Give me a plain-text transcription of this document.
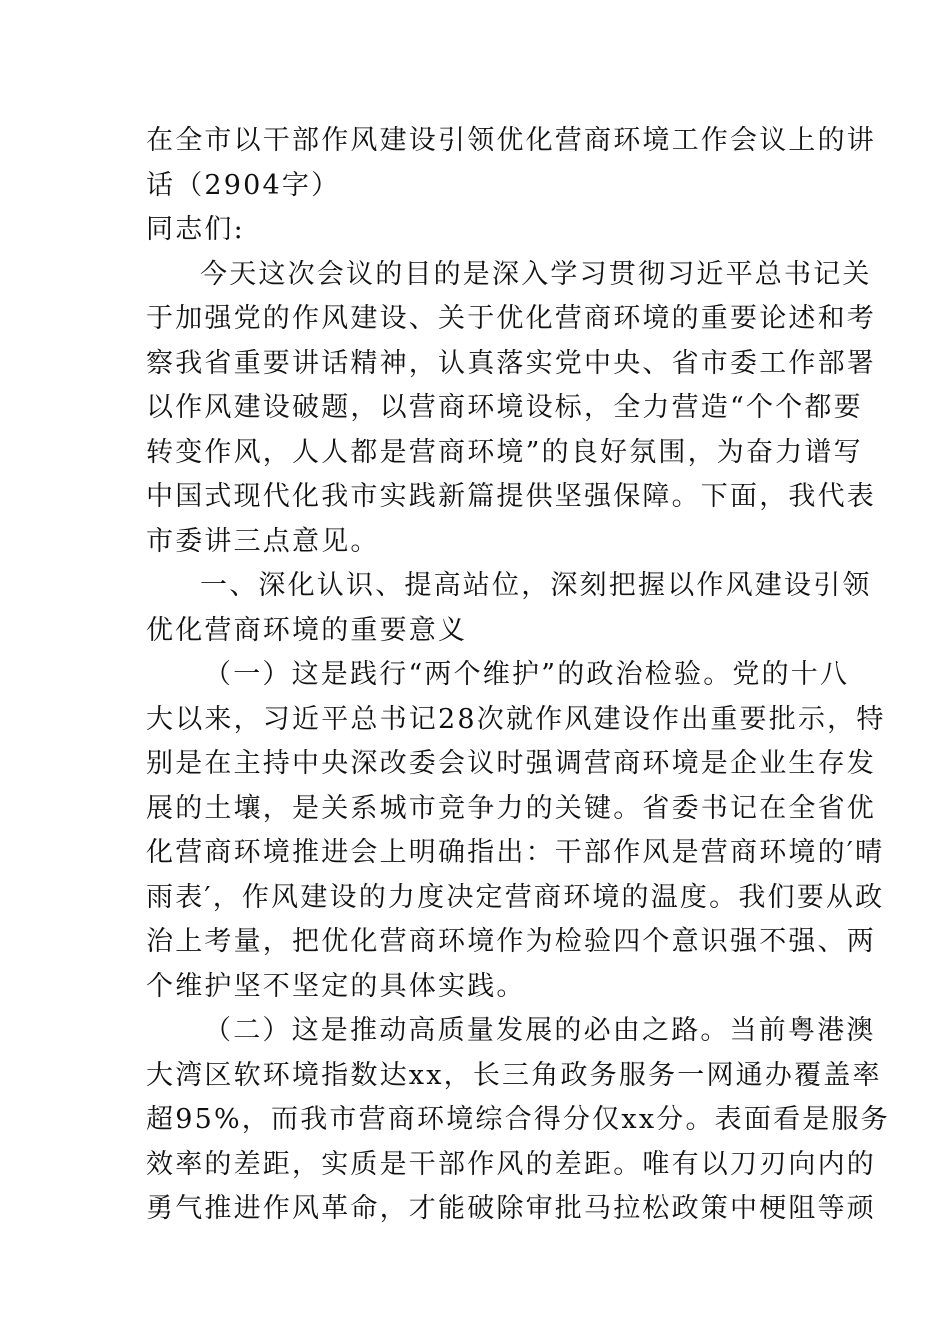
在全市以干部作风建设引领优化营商环境工作会议上的讲
话（2904字）
同志们:
今天这次会议的目的是深入学习贯彻习近平总书记关
于加强党的作风建设、关于优化营商环境的重要论述和考
察我省重要讲话精神，认真落实党中央、省市委工作部署
以作风建设破题，以营商环境设标，全力营造“个个都要
转变作风，人人都是营商环境”的良好氛围，为奋力谱写
中国式现代化我市实践新篇提供坚强保障。下面，我代表
市委讲三点意见。
一、深化认识、提高站位，深刻把握以作风建设引领
优化营商环境的重要意义
（一）这是践行“两个维护”的政治检验。党的十八
大以来，习近平总书记28次就作风建设作出重要批示，特
别是在主持中央深改委会议时强调营商环境是企业生存发
展的土壤，是关系城市竞争力的关键。省委书记在全省优
化营商环境推进会上明确指出：干部作风是营商环境的′晴
雨表′，作风建设的力度决定营商环境的温度。我们要从政
治上考量，把优化营商环境作为检验四个意识强不强、两
个维护坚不坚定的具体实践。
（二）这是推动高质量发展的必由之路。当前粤港澳
大湾区软环境指数达xx，长三角政务服务一网通办覆盖率
超95%，而我市营商环境综合得分仅xx分。表面看是服务
效率的差距，实质是干部作风的差距。唯有以刀刃向内的
勇气推进作风革命，才能破除审批马拉松政策中梗阻等顽
